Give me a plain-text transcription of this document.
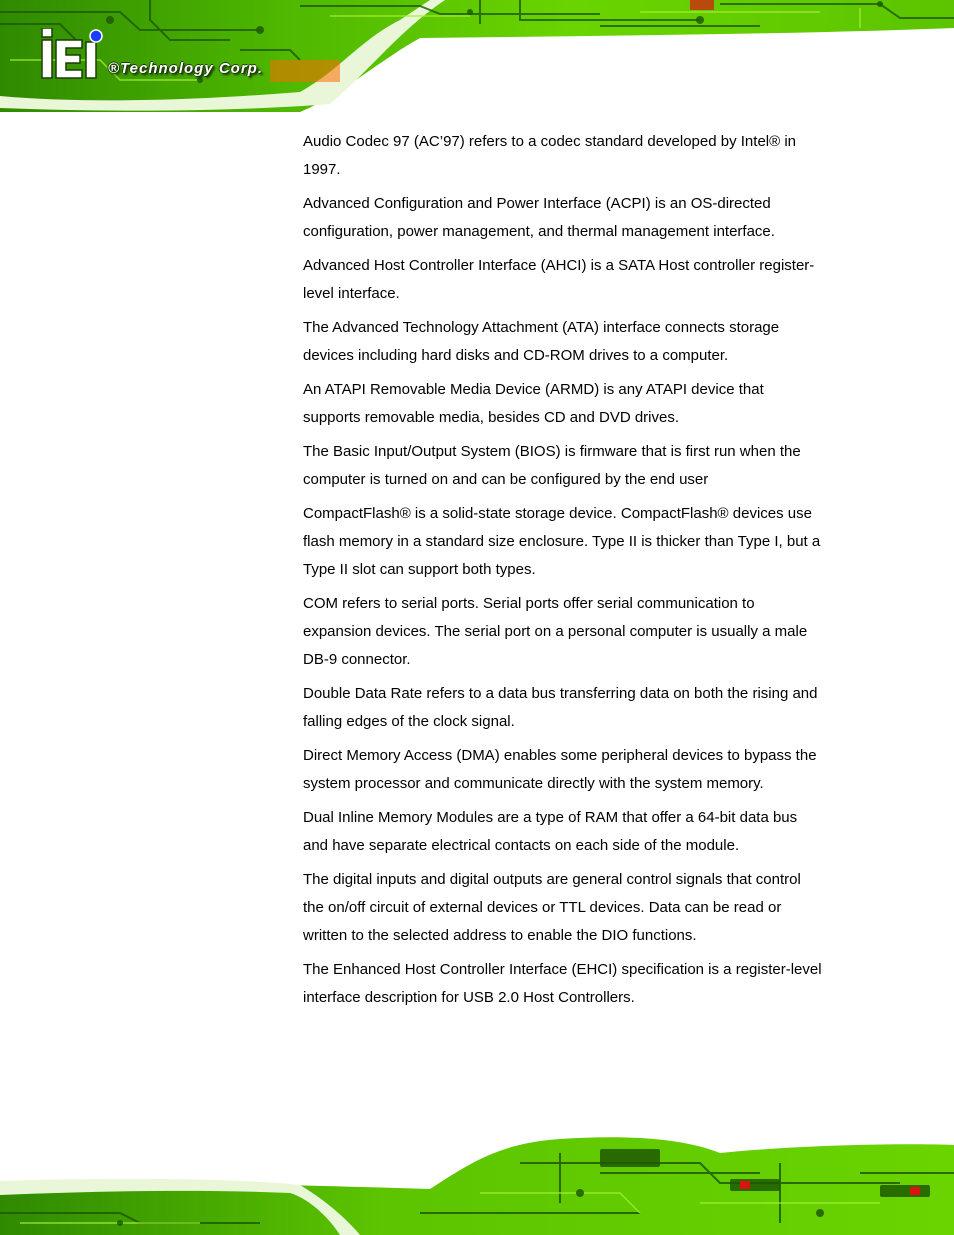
®Technology Corp.

Audio Codec 97 (AC’97) refers to a codec standard developed by Intel® in 1997.

Advanced Configuration and Power Interface (ACPI) is an OS-directed configuration, power management, and thermal management interface.

Advanced Host Controller Interface (AHCI) is a SATA Host controller register-level interface.

The Advanced Technology Attachment (ATA) interface connects storage devices including hard disks and CD-ROM drives to a computer.

An ATAPI Removable Media Device (ARMD) is any ATAPI device that supports removable media, besides CD and DVD drives.

The Basic Input/Output System (BIOS) is firmware that is first run when the computer is turned on and can be configured by the end user

CompactFlash® is a solid-state storage device. CompactFlash® devices use flash memory in a standard size enclosure. Type II is thicker than Type I, but a Type II slot can support both types.

COM refers to serial ports. Serial ports offer serial communication to expansion devices. The serial port on a personal computer is usually a male DB-9 connector.

Double Data Rate refers to a data bus transferring data on both the rising and falling edges of the clock signal.

Direct Memory Access (DMA) enables some peripheral devices to bypass the system processor and communicate directly with the system memory.

Dual Inline Memory Modules are a type of RAM that offer a 64-bit data bus and have separate electrical contacts on each side of the module.

The digital inputs and digital outputs are general control signals that control the on/off circuit of external devices or TTL devices. Data can be read or written to the selected address to enable the DIO functions.

The Enhanced Host Controller Interface (EHCI) specification is a register-level interface description for USB 2.0 Host Controllers.
